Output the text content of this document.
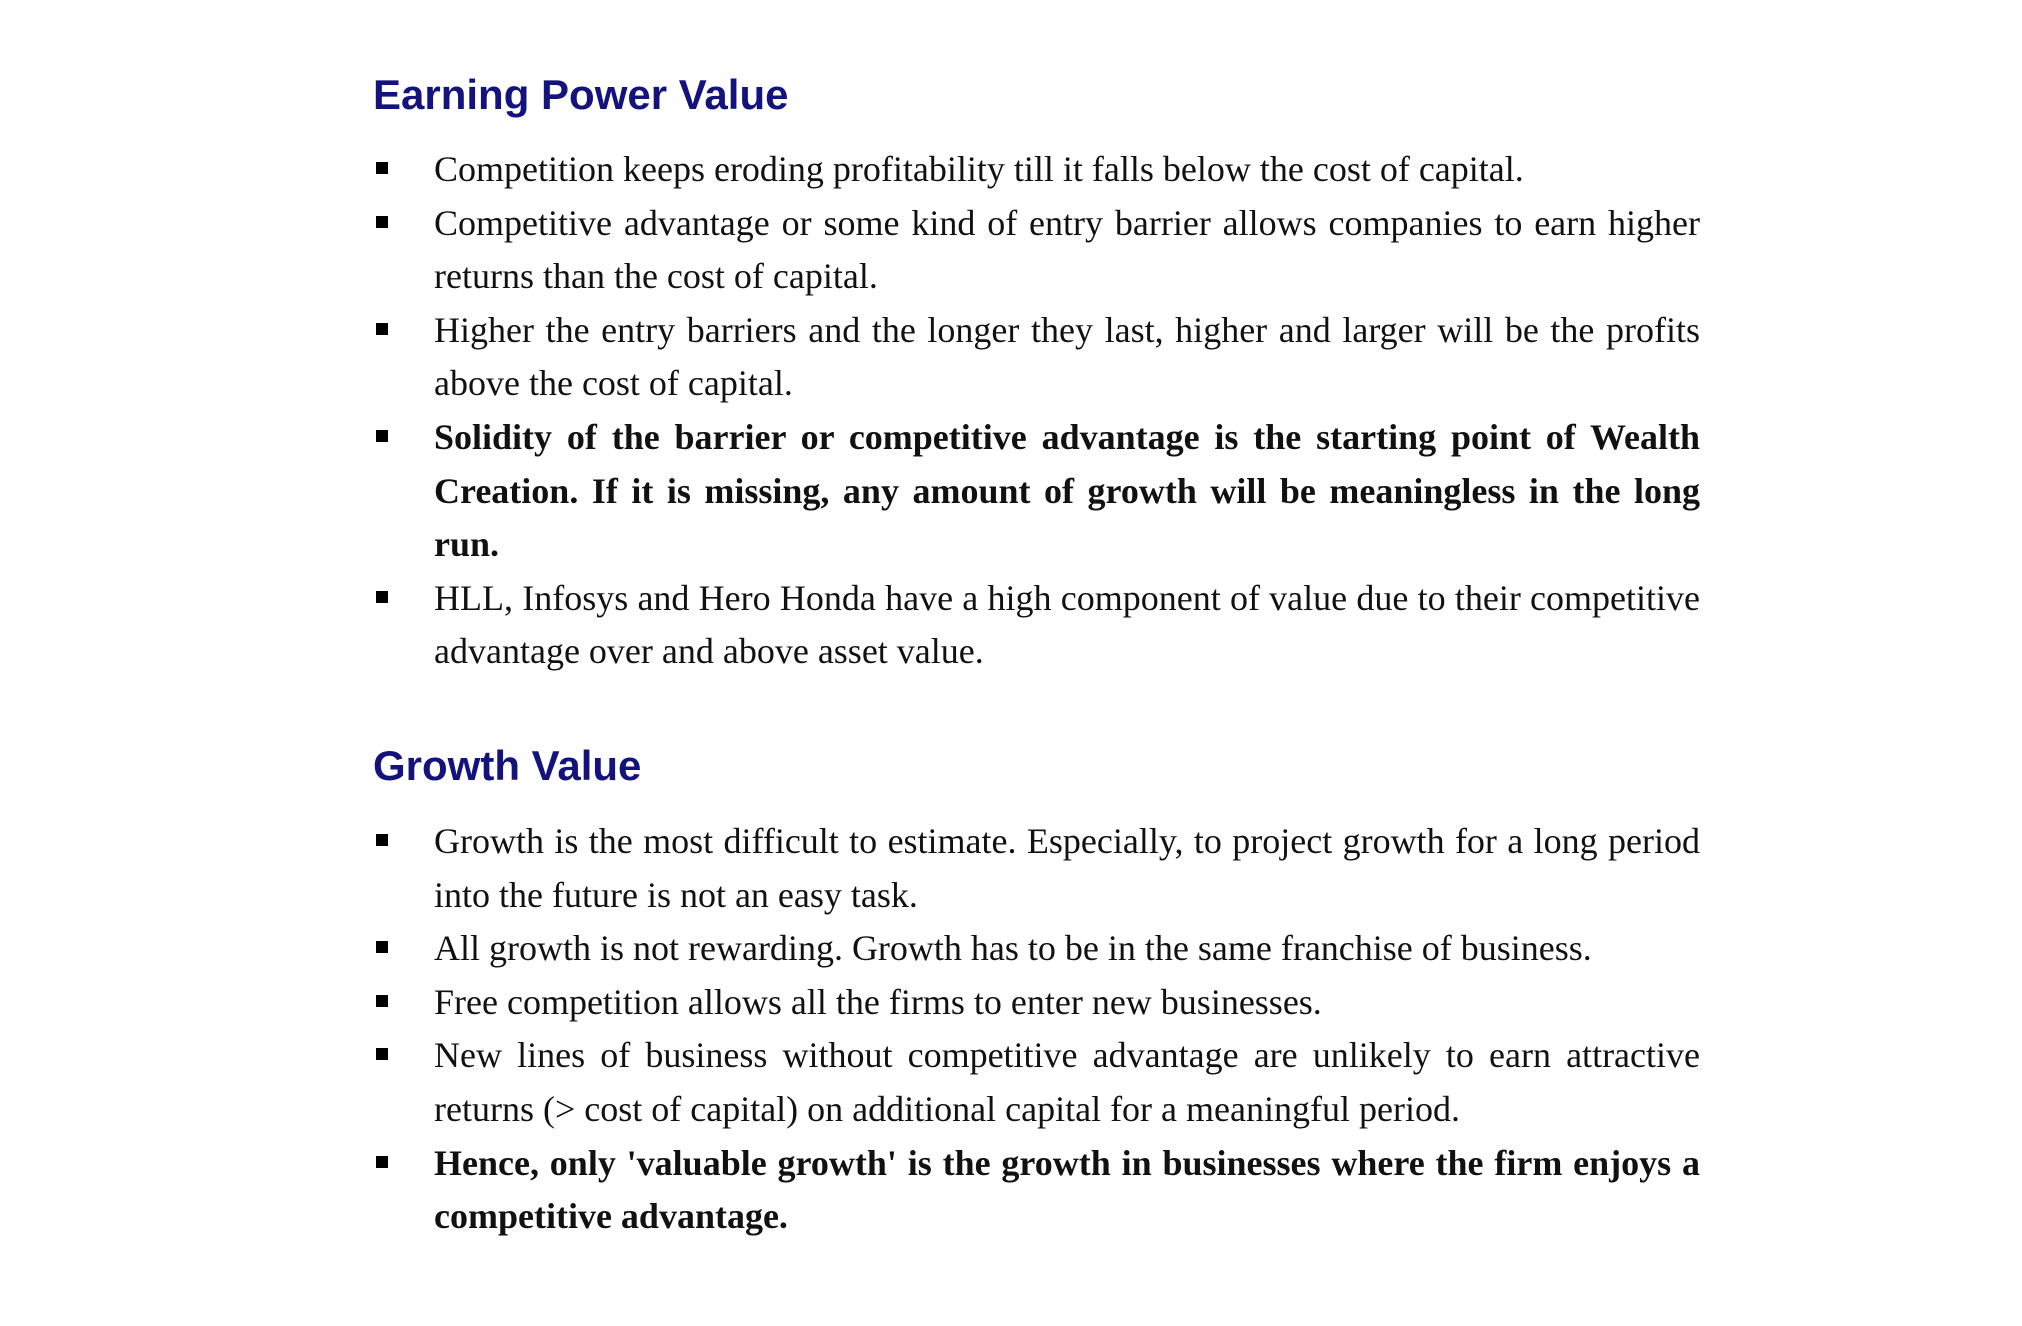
Earning Power Value
Competition keeps eroding profitability till it falls below the cost of capital.
Competitive advantage or some kind of entry barrier allows companies to earn higher returns than the cost of capital.
Higher the entry barriers and the longer they last, higher and larger will be the profits above the cost of capital.
Solidity of the barrier or competitive advantage is the starting point of Wealth Creation. If it is missing, any amount of growth will be meaningless in the long run.
HLL, Infosys and Hero Honda have a high component of value due to their competitive advantage over and above asset value.
Growth Value
Growth is the most difficult to estimate. Especially, to project growth for a long period into the future is not an easy task.
All growth is not rewarding. Growth has to be in the same franchise of business.
Free competition allows all the firms to enter new businesses.
New lines of business without competitive advantage are unlikely to earn attractive returns (> cost of capital) on additional capital for a meaningful period.
Hence, only 'valuable growth' is the growth in businesses where the firm enjoys a competitive advantage.
